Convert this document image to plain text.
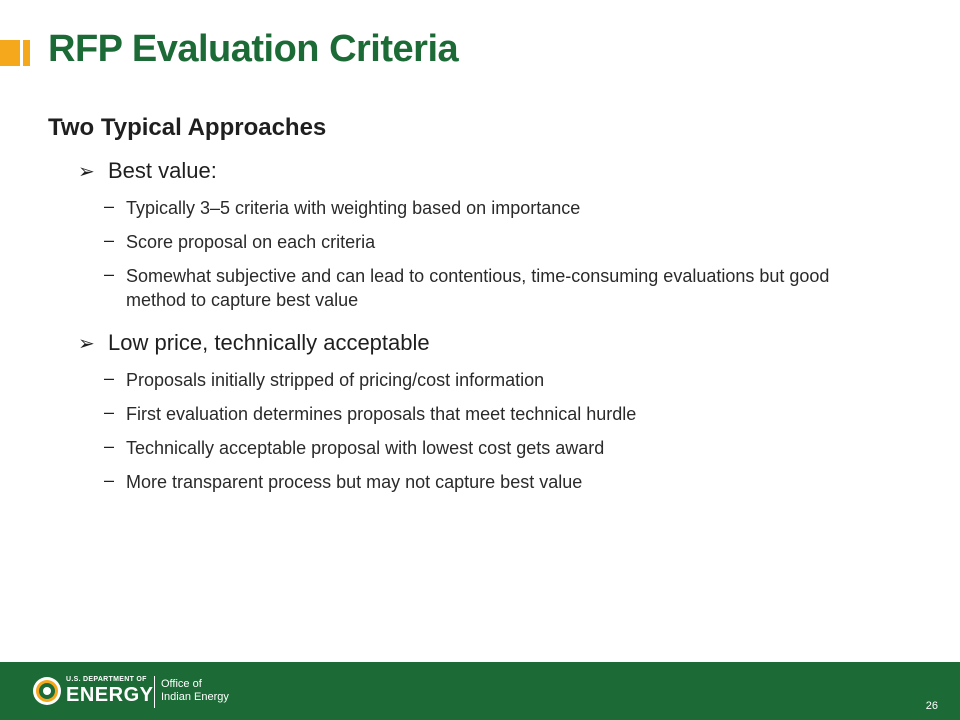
RFP Evaluation Criteria
Two Typical Approaches
➢ Best value:
– Typically 3–5 criteria with weighting based on importance
– Score proposal on each criteria
– Somewhat subjective and can lead to contentious, time-consuming evaluations but good method to capture best value
➢ Low price, technically acceptable
– Proposals initially stripped of pricing/cost information
– First evaluation determines proposals that meet technical hurdle
– Technically acceptable proposal with lowest cost gets award
– More transparent process but may not capture best value
U.S. DEPARTMENT OF
ENERGY Office of
Indian Energy
26
